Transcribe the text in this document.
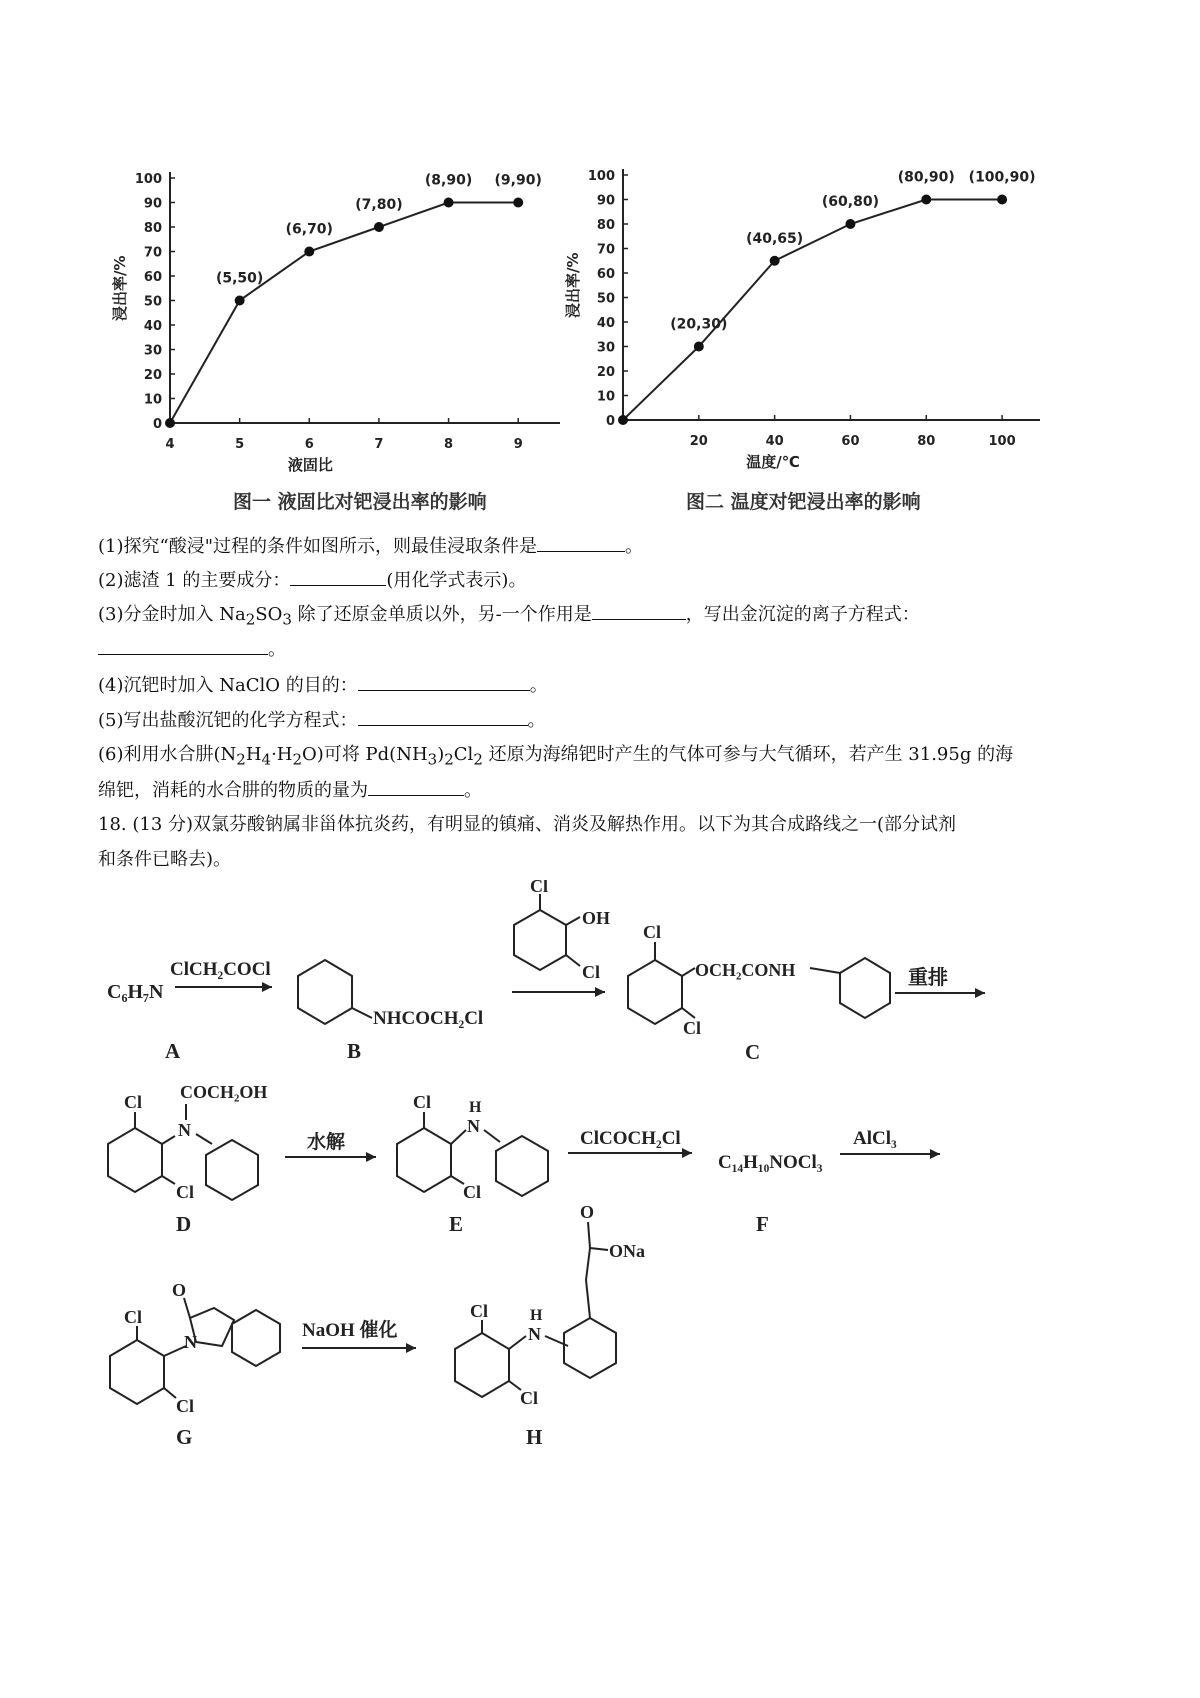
0
10
20
30
40
50
60
70
80
90
100
4	5	6	7	8	9
液固比
浸出率/%	(5,50)
(6,70)
(7,80)
(8,90) (9,90)
0
10
20
30
40
50
60
70
80
90
100
20	40	60	80	100
温度/℃
浸出率/%
(20,30)
(40,65)
(60,80)
(80,90) (100,90)
图一 液固比对钯浸出率的影响	图二 温度对钯浸出率的影响
(1)探究“酸浸"过程的条件如图所示，则最佳浸取条件是	。
(2)滤渣 1 的主要成分：	(用化学式表示)。
(3)分金时加入 $Na_2SO_3$ 除了还原金单质以外，另-一个作用是	，写出金沉淀的离子方程式：
。
(4)沉钯时加入 NaClO 的目的：	。
(5)写出盐酸沉钯的化学方程式：	。
(6)利用水合肼$(N_2H_4\cdot H_2O)$可将 $Pd(NH_3)_2Cl_2$ 还原为海绵钯时产生的气体可参与大气循环，若产生 31.95g 的海
绵钯，消耗的水合肼的物质的量为	。
18. (13 分)双氯芬酸钠属非甾体抗炎药，有明显的镇痛、消炎及解热作用。以下为其合成路线之一(部分试剂
和条件已略去)。
C₆H₇N
ClCH₂COCl
NHCOCH₂Cl
Cl
OH
Cl
Cl
OCH₂CONH
Cl
重排
Cl
N
COCH₂OH
Cl
水解
Cl H
N
Cl
ClCOCH₂Cl
C₁₄H₁₀NOCl₃
AlCl₃
Cl
O
N
Cl
NaOH 催化
Cl	H
N
O
ONa
Cl
A	B	C
D	E	F
G	H
